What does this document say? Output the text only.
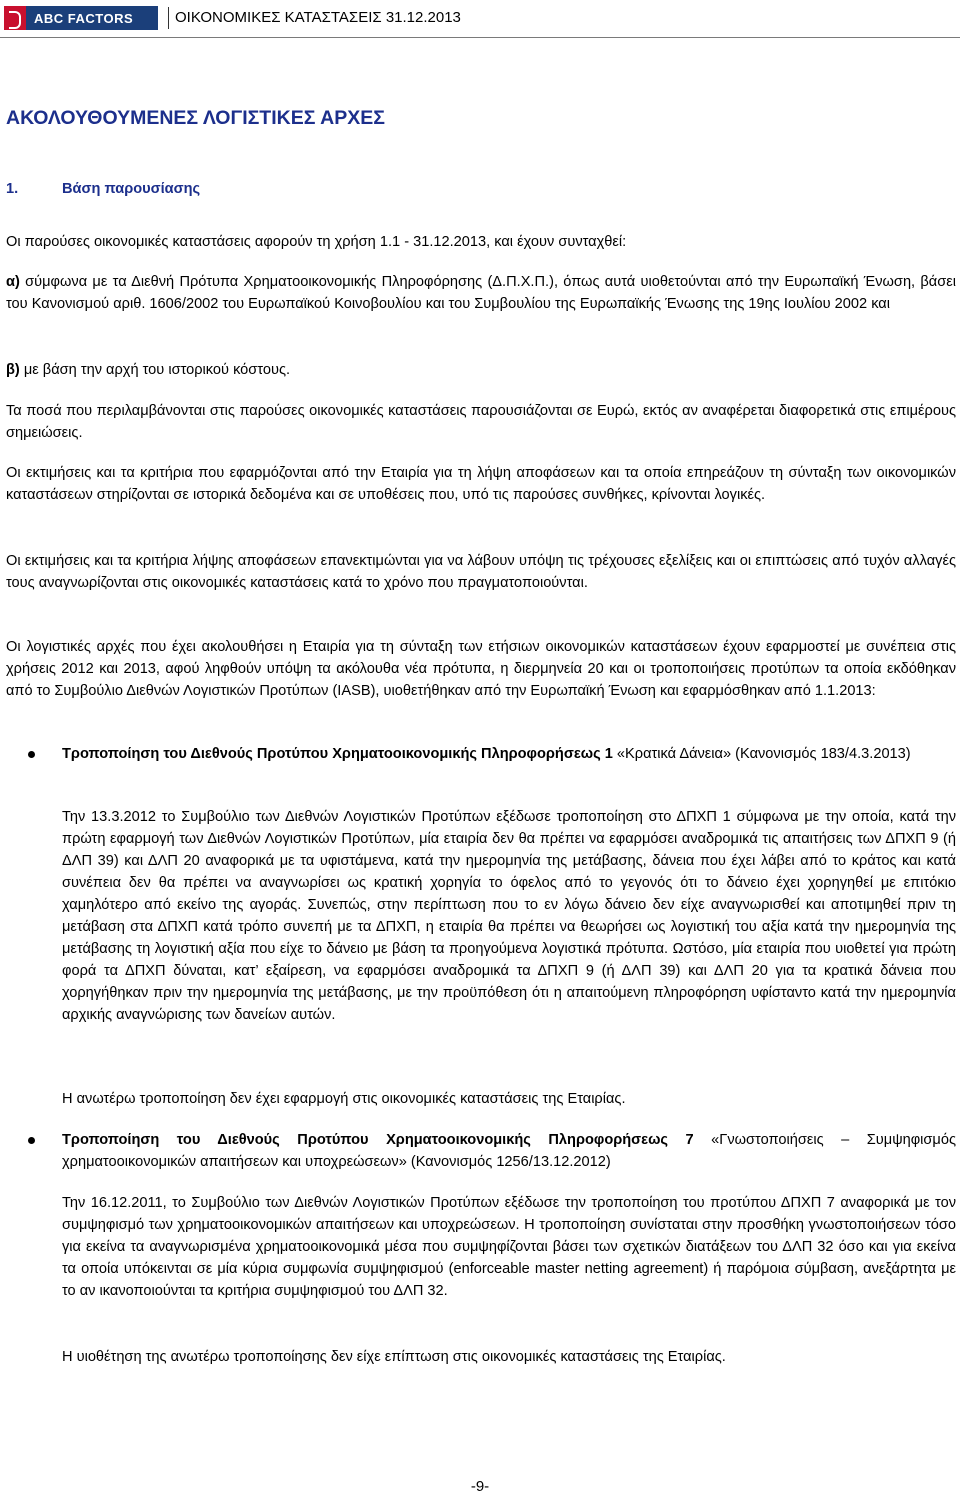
ABC FACTORS	ΟΙΚΟΝΟΜΙΚΕΣ ΚΑΤΑΣΤΑΣΕΙΣ 31.12.2013
ΑΚΟΛΟΥΘΟΥΜΕΝΕΣ ΛΟΓΙΣΤΙΚΕΣ ΑΡΧΕΣ
1.	Βάση παρουσίασης
Οι παρούσες οικονομικές καταστάσεις αφορούν τη χρήση 1.1 - 31.12.2013, και έχουν συνταχθεί:
α) σύμφωνα με τα Διεθνή Πρότυπα Χρηματοοικονομικής Πληροφόρησης (Δ.Π.Χ.Π.), όπως αυτά υιοθετούνται από την Ευρωπαϊκή Ένωση, βάσει του Κανονισμού αριθ. 1606/2002 του Ευρωπαϊκού Κοινοβουλίου και του Συμβουλίου της Ευρωπαϊκής Ένωσης της 19ης Ιουλίου 2002 και
β) με βάση την αρχή του ιστορικού κόστους.
Τα ποσά που περιλαμβάνονται στις παρούσες οικονομικές καταστάσεις παρουσιάζονται σε Ευρώ, εκτός αν αναφέρεται διαφορετικά στις επιμέρους σημειώσεις.
Οι εκτιμήσεις και τα κριτήρια που εφαρμόζονται από την Εταιρία για τη λήψη αποφάσεων και τα οποία επηρεάζουν τη σύνταξη των οικονομικών καταστάσεων στηρίζονται σε ιστορικά δεδομένα και σε υποθέσεις που, υπό τις παρούσες συνθήκες, κρίνονται λογικές.
Οι εκτιμήσεις και τα κριτήρια λήψης αποφάσεων επανεκτιμώνται για να λάβουν υπόψη τις τρέχουσες εξελίξεις και οι επιπτώσεις από τυχόν αλλαγές τους αναγνωρίζονται στις οικονομικές καταστάσεις κατά το χρόνο που πραγματοποιούνται.
Οι λογιστικές αρχές που έχει ακολουθήσει η Εταιρία για τη σύνταξη των ετήσιων οικονομικών καταστάσεων έχουν εφαρμοστεί με συνέπεια στις χρήσεις 2012 και 2013, αφού ληφθούν υπόψη τα ακόλουθα νέα πρότυπα, η διερμηνεία 20 και οι τροποποιήσεις προτύπων τα οποία εκδόθηκαν από το Συμβούλιο Διεθνών Λογιστικών Προτύπων (IASB), υιοθετήθηκαν από την Ευρωπαϊκή Ένωση και εφαρμόσθηκαν από 1.1.2013:
Τροποποίηση του Διεθνούς Προτύπου Χρηματοοικονομικής Πληροφορήσεως 1 «Κρατικά Δάνεια» (Κανονισμός 183/4.3.2013)
Την 13.3.2012 το Συμβούλιο των Διεθνών Λογιστικών Προτύπων εξέδωσε τροποποίηση στο ΔΠΧΠ 1 σύμφωνα με την οποία, κατά την πρώτη εφαρμογή των Διεθνών Λογιστικών Προτύπων, μία εταιρία δεν θα πρέπει να εφαρμόσει αναδρομικά τις απαιτήσεις των ΔΠΧΠ 9 (ή ΔΛΠ 39) και ΔΛΠ 20 αναφορικά με τα υφιστάμενα, κατά την ημερομηνία της μετάβασης, δάνεια που έχει λάβει από το κράτος και κατά συνέπεια δεν θα πρέπει να αναγνωρίσει ως κρατική χορηγία το όφελος από το γεγονός ότι το δάνειο έχει χορηγηθεί με επιτόκιο χαμηλότερο από εκείνο της αγοράς. Συνεπώς, στην περίπτωση που το εν λόγω δάνειο δεν είχε αναγνωρισθεί και αποτιμηθεί πριν τη μετάβαση στα ΔΠΧΠ κατά τρόπο συνεπή με τα ΔΠΧΠ, η εταιρία θα πρέπει να θεωρήσει ως λογιστική του αξία κατά την ημερομηνία της μετάβασης τη λογιστική αξία που είχε το δάνειο με βάση τα προηγούμενα λογιστικά πρότυπα. Ωστόσο, μία εταιρία που υιοθετεί για πρώτη φορά τα ΔΠΧΠ δύναται, κατ’ εξαίρεση, να εφαρμόσει αναδρομικά τα ΔΠΧΠ 9 (ή ΔΛΠ 39) και ΔΛΠ 20 για τα κρατικά δάνεια που χορηγήθηκαν πριν την ημερομηνία της μετάβασης, με την προϋπόθεση ότι η απαιτούμενη πληροφόρηση υφίσταντο κατά την ημερομηνία αρχικής αναγνώρισης των δανείων αυτών.
Η ανωτέρω τροποποίηση δεν έχει εφαρμογή στις οικονομικές καταστάσεις της Εταιρίας.
Τροποποίηση του Διεθνούς Προτύπου Χρηματοοικονομικής Πληροφορήσεως 7 «Γνωστοποιήσεις – Συμψηφισμός χρηματοοικονομικών απαιτήσεων και υποχρεώσεων» (Κανονισμός 1256/13.12.2012)
Την 16.12.2011, το Συμβούλιο των Διεθνών Λογιστικών Προτύπων εξέδωσε την τροποποίηση του προτύπου ΔΠΧΠ 7 αναφορικά με τον συμψηφισμό των χρηματοοικονομικών απαιτήσεων και υποχρεώσεων. Η τροποποίηση συνίσταται στην προσθήκη γνωστοποιήσεων τόσο για εκείνα τα αναγνωρισμένα χρηματοοικονομικά μέσα που συμψηφίζονται βάσει των σχετικών διατάξεων του ΔΛΠ 32 όσο και για εκείνα τα οποία υπόκεινται σε μία κύρια συμφωνία συμψηφισμού (enforceable master netting agreement) ή παρόμοια σύμβαση, ανεξάρτητα με το αν ικανοποιούνται τα κριτήρια συμψηφισμού του ΔΛΠ 32.
Η υιοθέτηση της ανωτέρω τροποποίησης δεν είχε επίπτωση στις οικονομικές καταστάσεις της Εταιρίας.
-9-
